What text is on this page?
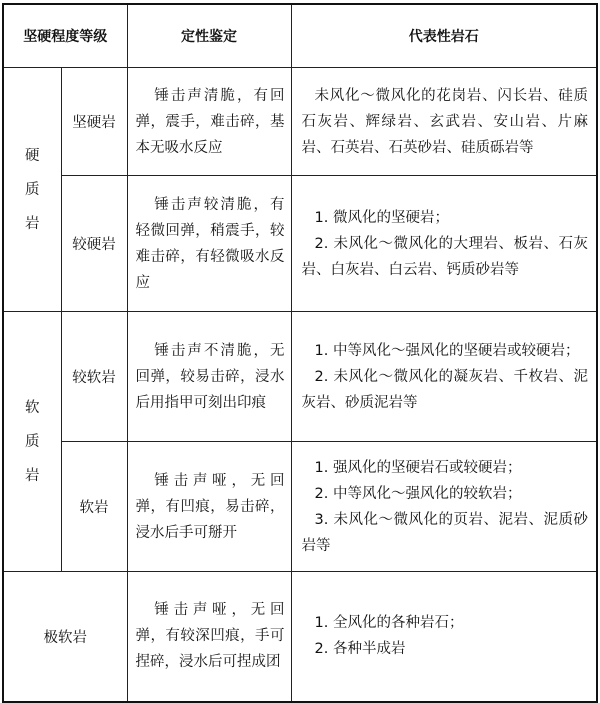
坚硬程度等级		定性鉴定	代表性岩石
硬
质
岩	坚硬岩	锤击声清脆，有回弹，震手，难击碎，基本无吸水反应	未风化～微风化的花岗岩、闪长岩、硅质石灰岩、辉绿岩、玄武岩、安山岩、片麻岩、石英岩、石英砂岩、硅质砾岩等

	较硬岩	锤击声较清脆，有轻微回弹，稍震手，较难击碎，有轻微吸水反应	1. 微风化的坚硬岩；
2. 未风化～微风化的大理岩、板岩、石灰岩、白灰岩、白云岩、钙质砂岩等

软
质
岩	较软岩	锤击声不清脆，无回弹，较易击碎，浸水后用指甲可刻出印痕	1. 中等风化～强风化的坚硬岩或较硬岩；
2. 未风化～微风化的凝灰岩、千枚岩、泥灰岩、砂质泥岩等

	软岩	锤击声哑，无回弹，有凹痕，易击碎，浸水后手可掰开	1. 强风化的坚硬岩石或较硬岩；
2. 中等风化～强风化的较软岩；
3. 未风化～微风化的页岩、泥岩、泥质砂岩等

极软岩		锤击声哑，无回弹，有较深凹痕，手可捏碎，浸水后可捏成团	1. 全风化的各种岩石；
2. 各种半成岩
